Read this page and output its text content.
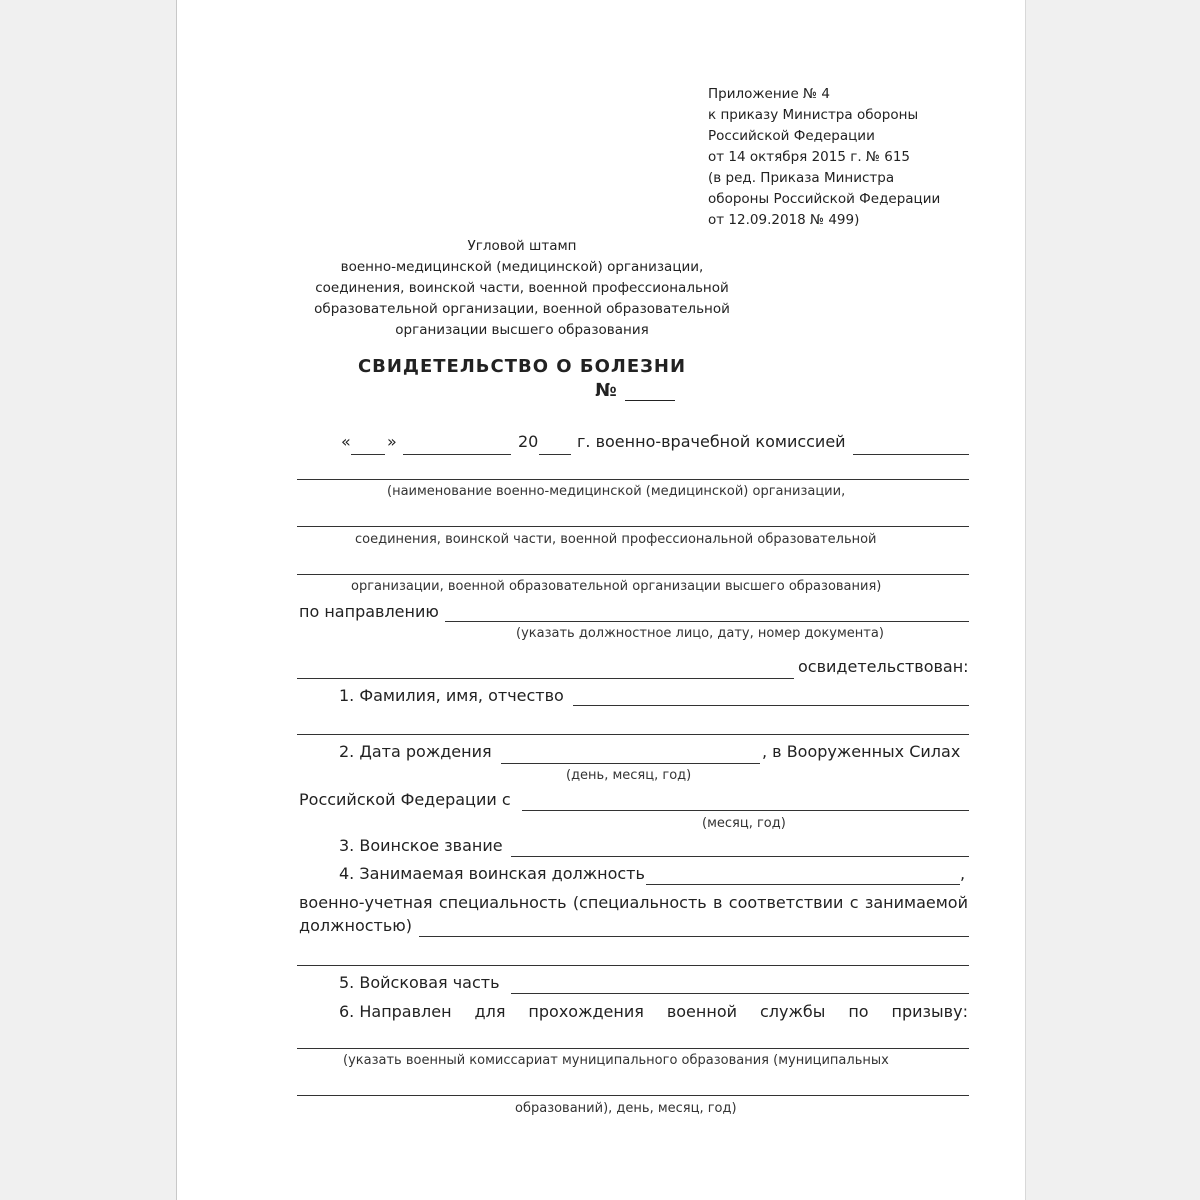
Приложение № 4
к приказу Министра обороны
Российской Федерации
от 14 октября 2015 г. № 615
(в ред. Приказа Министра
обороны Российской Федерации
от 12.09.2018 № 499)
Угловой штамп
военно-медицинской (медицинской) организации,
соединения, воинской части, военной профессиональной
образовательной организации, военной образовательной
организации высшего образования
СВИДЕТЕЛЬСТВО О БОЛЕЗНИ
№
« »	20 г. военно-врачебной комиссией
(наименование военно-медицинской (медицинской) организации,
соединения, воинской части, военной профессиональной образовательной
организации, военной образовательной организации высшего образования)
по направлению
(указать должностное лицо, дату, номер документа)
освидетельствован:
1. Фамилия, имя, отчество
2. Дата рождения	, в Вооруженных Силах
(день, месяц, год)
Российской Федерации с
(месяц, год)
3. Воинское звание
4. Занимаемая воинская должность	,
военно-учетная специальность (специальность в соответствии с занимаемой
должностью)
5. Войсковая часть
6. Направлен для прохождения военной службы по призыву:
(указать военный комиссариат муниципального образования (муниципальных
образований), день, месяц, год)
